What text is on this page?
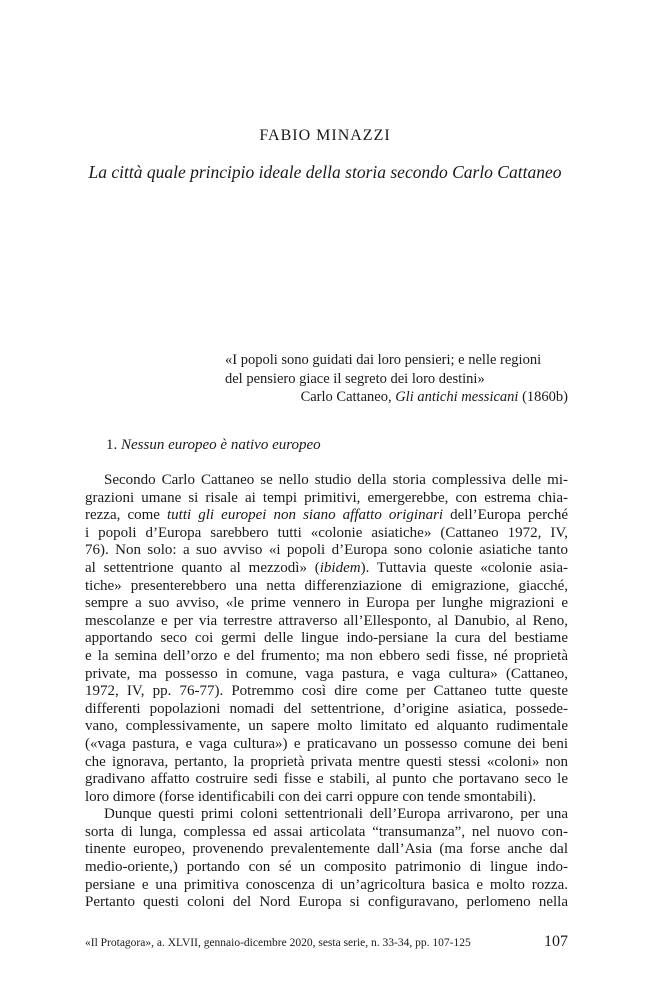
FABIO MINAZZI
La città quale principio ideale della storia secondo Carlo Cattaneo
«I popoli sono guidati dai loro pensieri; e nelle regioni
del pensiero giace il segreto dei loro destini»
Carlo Cattaneo, Gli antichi messicani (1860b)
1. Nessun europeo è nativo europeo
Secondo Carlo Cattaneo se nello studio della storia complessiva delle mi-
grazioni umane si risale ai tempi primitivi, emergerebbe, con estrema chia-
rezza, come tutti gli europei non siano affatto originari dell’Europa perché
i popoli d’Europa sarebbero tutti «colonie asiatiche» (Cattaneo 1972, IV,
76). Non solo: a suo avviso «i popoli d’Europa sono colonie asiatiche tanto
al settentrione quanto al mezzodì» (ibidem). Tuttavia queste «colonie asia-
tiche» presenterebbero una netta differenziazione di emigrazione, giacché,
sempre a suo avviso, «le prime vennero in Europa per lunghe migrazioni e
mescolanze e per via terrestre attraverso all’Ellesponto, al Danubio, al Reno,
apportando seco coi germi delle lingue indo-persiane la cura del bestiame
e la semina dell’orzo e del frumento; ma non ebbero sedi fisse, né proprietà
private, ma possesso in comune, vaga pastura, e vaga cultura» (Cattaneo,
1972, IV, pp. 76-77). Potremmo così dire come per Cattaneo tutte queste
differenti popolazioni nomadi del settentrione, d’origine asiatica, possede-
vano, complessivamente, un sapere molto limitato ed alquanto rudimentale
(«vaga pastura, e vaga cultura») e praticavano un possesso comune dei beni
che ignorava, pertanto, la proprietà privata mentre questi stessi «coloni» non
gradivano affatto costruire sedi fisse e stabili, al punto che portavano seco le
loro dimore (forse identificabili con dei carri oppure con tende smontabili).
Dunque questi primi coloni settentrionali dell’Europa arrivarono, per una
sorta di lunga, complessa ed assai articolata “transumanza”, nel nuovo con-
tinente europeo, provenendo prevalentemente dall’Asia (ma forse anche dal
medio-oriente,) portando con sé un composito patrimonio di lingue indo-
persiane e una primitiva conoscenza di un’agricoltura basica e molto rozza.
Pertanto questi coloni del Nord Europa si configuravano, perlomeno nella
«Il Protagora», a. XLVII, gennaio-dicembre 2020, sesta serie, n. 33-34, pp. 107-125	107
